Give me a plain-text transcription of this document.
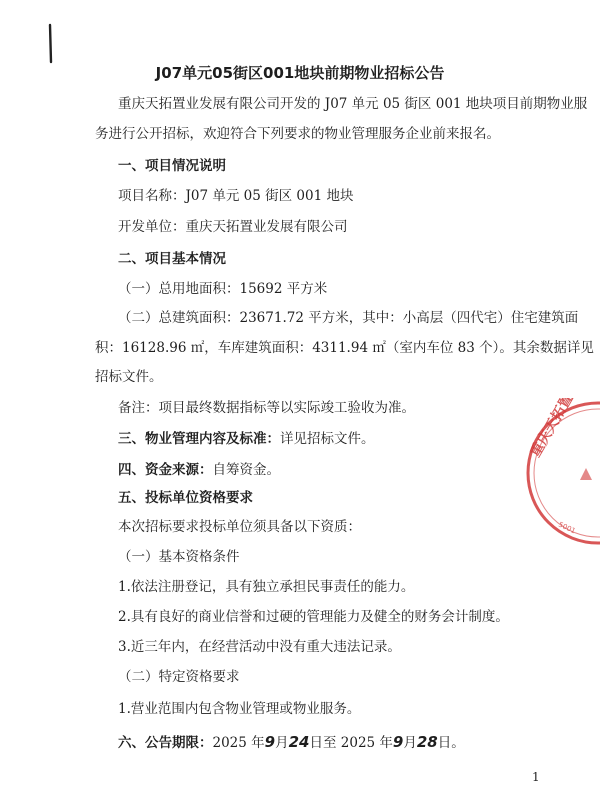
J07单元05街区001地块前期物业招标公告
重庆天拓置业发展有限公司开发的 J07 单元 05 街区 001 地块项目前期物业服
务进行公开招标，欢迎符合下列要求的物业管理服务企业前来报名。
一、项目情况说明
项目名称：J07 单元 05 街区 001 地块
开发单位：重庆天拓置业发展有限公司
二、项目基本情况
（一）总用地面积：15692 平方米
（二）总建筑面积：23671.72 平方米，其中：小高层（四代宅）住宅建筑面
积：16128.96 ㎡，车库建筑面积：4311.94 ㎡（室内车位 83 个）。其余数据详见
招标文件。
备注：项目最终数据指标等以实际竣工验收为准。
三、物业管理内容及标准：详见招标文件。
四、资金来源：自筹资金。
五、投标单位资格要求
本次招标要求投标单位须具备以下资质：
（一）基本资格条件
1.依法注册登记，具有独立承担民事责任的能力。
2.具有良好的商业信誉和过硬的管理能力及健全的财务会计制度。
3.近三年内，在经营活动中没有重大违法记录。
（二）特定资格要求
1.营业范围内包含物业管理或物业服务。
六、公告期限：2025 年9月24日至 2025 年9月28日。
1
重庆天拓置
5001
